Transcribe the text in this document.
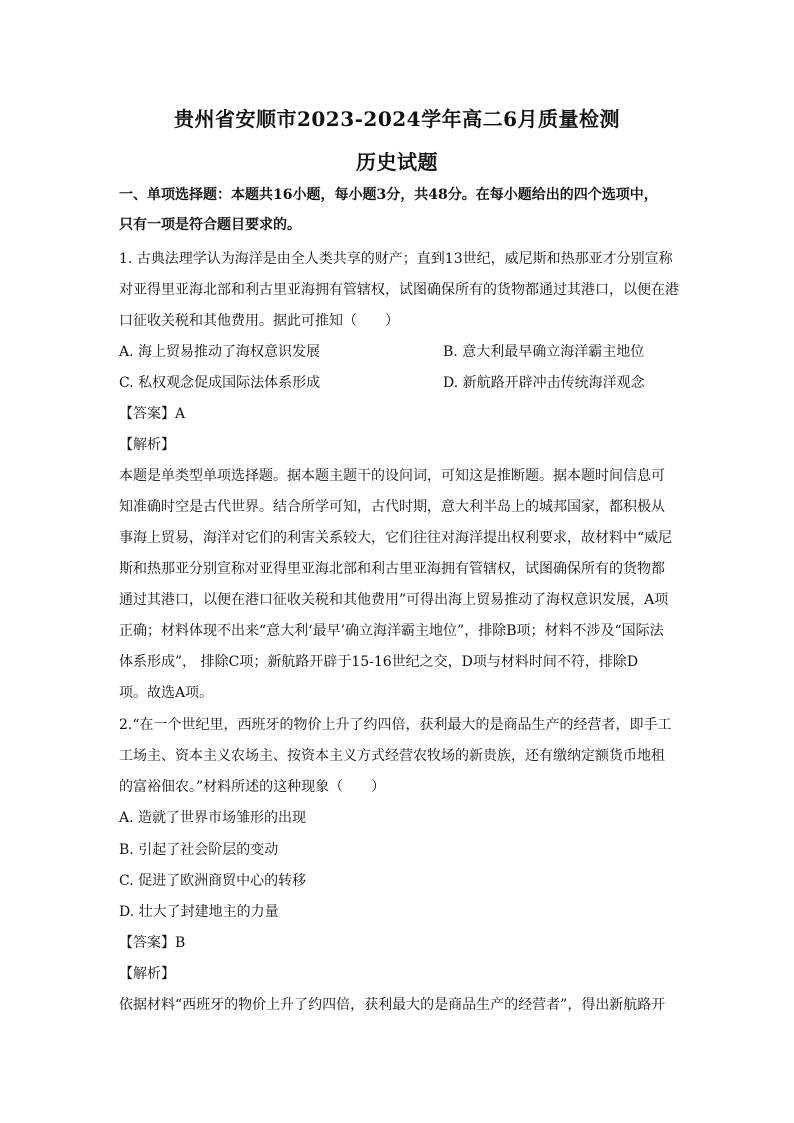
贵州省安顺市2023-2024学年高二6月质量检测
历史试题
一、单项选择题：本题共16小题，每小题3分，共48分。在每小题给出的四个选项中，
只有一项是符合题目要求的。
1. 古典法理学认为海洋是由全人类共享的财产；直到13世纪，威尼斯和热那亚才分别宣称
对亚得里亚海北部和利古里亚海拥有管辖权，试图确保所有的货物都通过其港口，以便在港
口征收关税和其他费用。据此可推知（　　）
A. 海上贸易推动了海权意识发展	B. 意大利最早确立海洋霸主地位
C. 私权观念促成国际法体系形成	D. 新航路开辟冲击传统海洋观念
【答案】A
【解析】
本题是单类型单项选择题。据本题主题干的设问词，可知这是推断题。据本题时间信息可
知准确时空是古代世界。结合所学可知，古代时期，意大利半岛上的城邦国家，都积极从
事海上贸易，海洋对它们的利害关系较大，它们往往对海洋提出权利要求，故材料中“威尼
斯和热那亚分别宣称对亚得里亚海北部和利古里亚海拥有管辖权，试图确保所有的货物都
通过其港口，以便在港口征收关税和其他费用”可得出海上贸易推动了海权意识发展，A项
正确；材料体现不出来“意大利‘最早’确立海洋霸主地位”，排除B项；材料不涉及“国际法
体系形成”， 排除C项；新航路开辟于15-16世纪之交，D项与材料时间不符，排除D
项。故选A项。
2.“在一个世纪里，西班牙的物价上升了约四倍，获利最大的是商品生产的经营者，即手工
工场主、资本主义农场主、按资本主义方式经营农牧场的新贵族，还有缴纳定额货币地租
的富裕佃农。”材料所述的这种现象（　　）
A. 造就了世界市场雏形的出现
B. 引起了社会阶层的变动
C. 促进了欧洲商贸中心的转移
D. 壮大了封建地主的力量
【答案】B
【解析】
依据材料“西班牙的物价上升了约四倍，获利最大的是商品生产的经营者”，得出新航路开
